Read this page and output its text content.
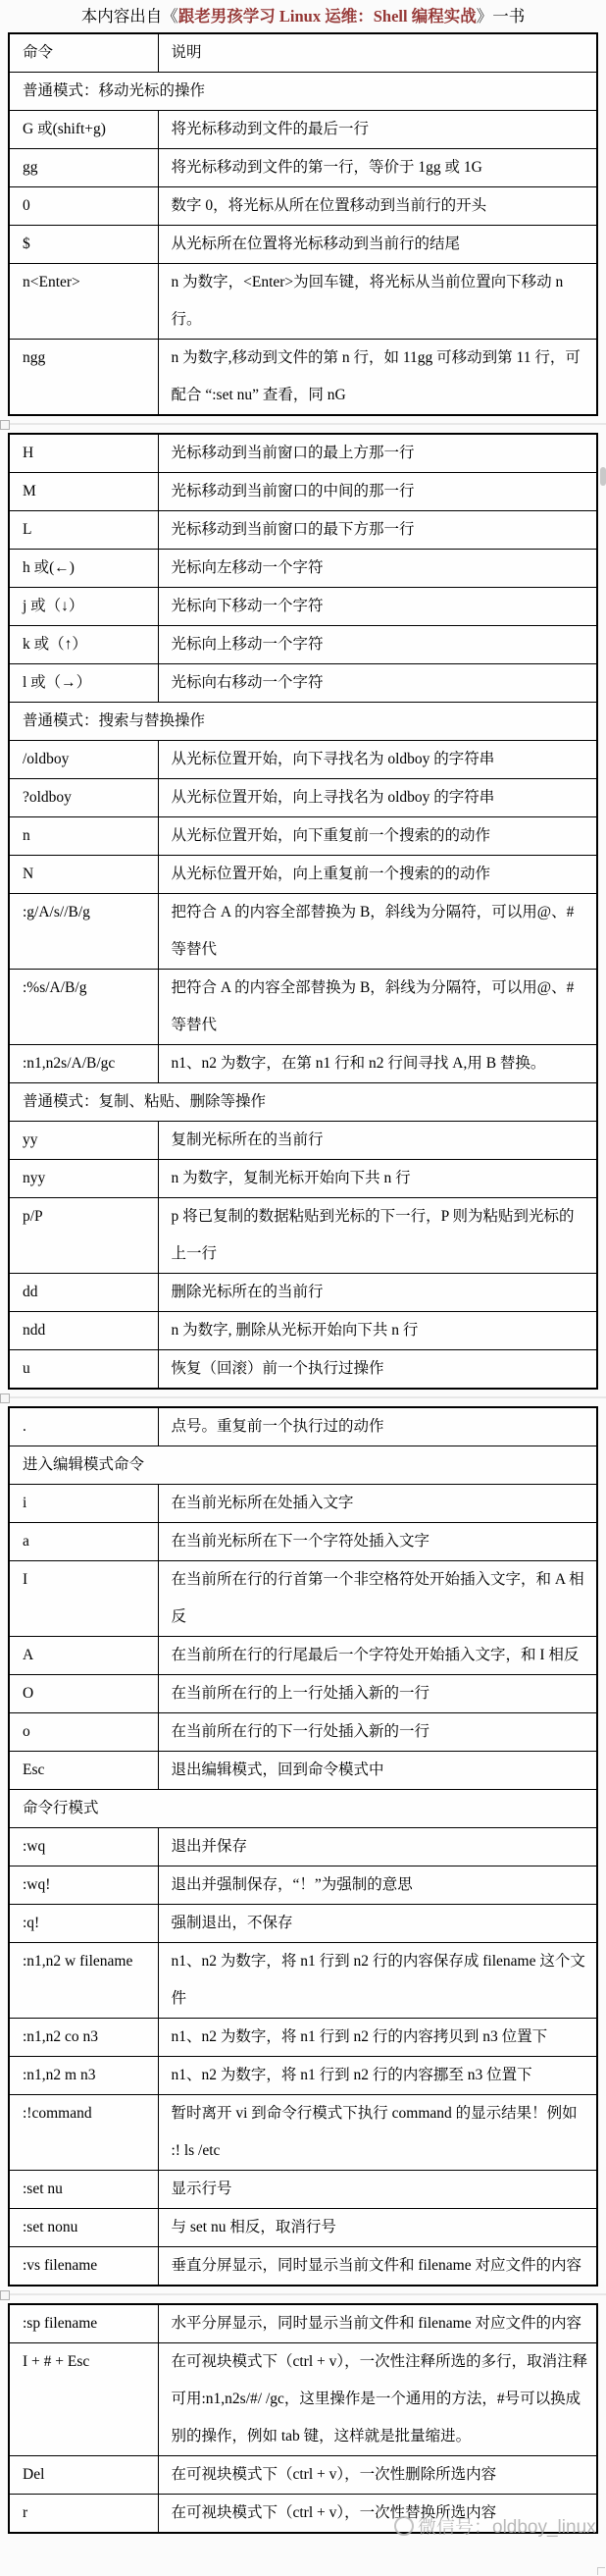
本内容出自《跟老男孩学习 Linux 运维：Shell 编程实战》一书
命令	说明
普通模式：移动光标的操作	
G 或(shift+g)	将光标移动到文件的最后一行
gg	将光标移动到文件的第一行，等价于 1gg 或 1G
0	数字 0，将光标从所在位置移动到当前行的开头
$	从光标所在位置将光标移动到当前行的结尾
n<Enter>	n 为数字，<Enter>为回车键，将光标从当前位置向下移动 n 行。
ngg	n 为数字,移动到文件的第 n 行，如 11gg 可移动到第 11 行，可配合 “:set nu” 查看，同 nG
H	光标移动到当前窗口的最上方那一行
M	光标移动到当前窗口的中间的那一行
L	光标移动到当前窗口的最下方那一行
h 或(←)	光标向左移动一个字符
j 或（↓）	光标向下移动一个字符
k 或（↑）	光标向上移动一个字符
l 或（→）	光标向右移动一个字符
普通模式：搜索与替换操作	
/oldboy	从光标位置开始，向下寻找名为 oldboy 的字符串
?oldboy	从光标位置开始，向上寻找名为 oldboy 的字符串
n	从光标位置开始，向下重复前一个搜索的的动作
N	从光标位置开始，向上重复前一个搜索的的动作
:g/A/s//B/g	把符合 A 的内容全部替换为 B，斜线为分隔符，可以用@、#等替代
:%s/A/B/g	把符合 A 的内容全部替换为 B，斜线为分隔符，可以用@、#等替代
:n1,n2s/A/B/gc	n1、n2 为数字，在第 n1 行和 n2 行间寻找 A,用 B 替换。
普通模式：复制、粘贴、删除等操作	
yy	复制光标所在的当前行
nyy	n 为数字，复制光标开始向下共 n 行
p/P	p 将已复制的数据粘贴到光标的下一行，P 则为粘贴到光标的上一行
dd	删除光标所在的当前行
ndd	n 为数字, 删除从光标开始向下共 n 行
u	恢复（回滚）前一个执行过操作
.	点号。重复前一个执行过的动作
进入编辑模式命令	
i	在当前光标所在处插入文字
a	在当前光标所在下一个字符处插入文字
I	在当前所在行的行首第一个非空格符处开始插入文字，和 A 相反
A	在当前所在行的行尾最后一个字符处开始插入文字，和 I 相反
O	在当前所在行的上一行处插入新的一行
o	在当前所在行的下一行处插入新的一行
Esc	退出编辑模式，回到命令模式中
命令行模式	
:wq	退出并保存
:wq!	退出并强制保存，“！”为强制的意思
:q!	强制退出，不保存
:n1,n2 w filename	n1、n2 为数字，将 n1 行到 n2 行的内容保存成 filename 这个文件
:n1,n2 co n3	n1、n2 为数字，将 n1 行到 n2 行的内容拷贝到 n3 位置下
:n1,n2 m n3	n1、n2 为数字，将 n1 行到 n2 行的内容挪至 n3 位置下
:!command	暂时离开 vi 到命令行模式下执行 command 的显示结果！例如 :! ls /etc
:set nu	显示行号
:set nonu	与 set nu 相反，取消行号
:vs filename	垂直分屏显示，同时显示当前文件和 filename 对应文件的内容
:sp filename	水平分屏显示，同时显示当前文件和 filename 对应文件的内容
I + # + Esc	在可视块模式下（ctrl + v），一次性注释所选的多行，取消注释可用:n1,n2s/#/ /gc，这里操作是一个通用的方法，#号可以换成别的操作，例如 tab 键，这样就是批量缩进。
Del	在可视块模式下（ctrl + v），一次性删除所选内容
r	在可视块模式下（ctrl + v），一次性替换所选内容
微信号：oldboy_linux
